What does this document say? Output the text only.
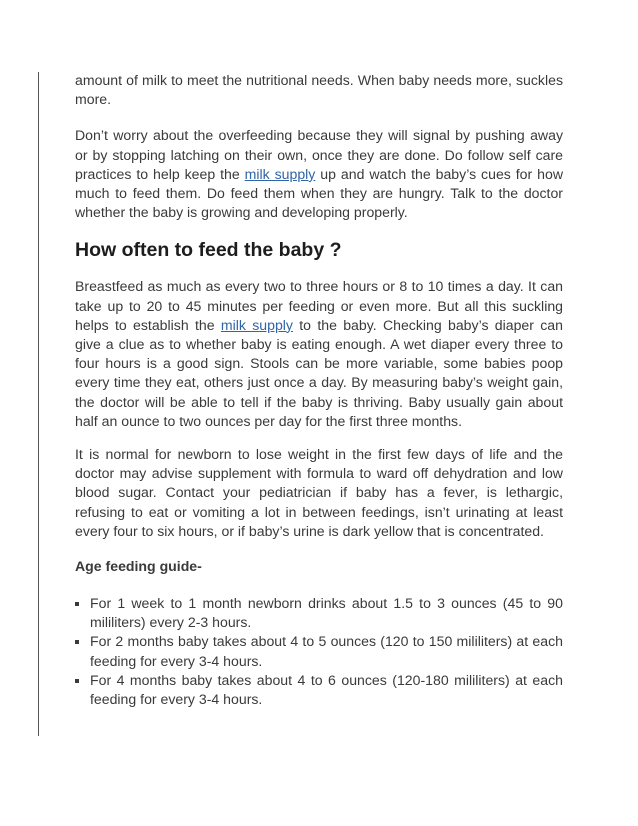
amount of milk to meet the nutritional needs. When baby needs more, suckles more.

Don’t worry about the overfeeding because they will signal by pushing away or by stopping latching on their own, once they are done. Do follow self care practices to help keep the milk supply up and watch the baby’s cues for how much to feed them. Do feed them when they are hungry. Talk to the doctor whether the baby is growing and developing properly.

How often to feed the baby ?

Breastfeed as much as every two to three hours or 8 to 10 times a day. It can take up to 20 to 45 minutes per feeding or even more. But all this suckling helps to establish the milk supply to the baby. Checking baby’s diaper can give a clue as to whether baby is eating enough. A wet diaper every three to four hours is a good sign. Stools can be more variable, some babies poop every time they eat, others just once a day. By measuring baby’s weight gain, the doctor will be able to tell if the baby is thriving. Baby usually gain about half an ounce to two ounces per day for the first three months.

It is normal for newborn to lose weight in the first few days of life and the doctor may advise supplement with formula to ward off dehydration and low blood sugar. Contact your pediatrician if baby has a fever, is lethargic, refusing to eat or vomiting a lot in between feedings, isn’t urinating at least every four to six hours, or if baby’s urine is dark yellow that is concentrated.

Age feeding guide-
For 1 week to 1 month newborn drinks about 1.5 to 3 ounces (45 to 90 mililiters) every 2-3 hours.
For 2 months baby takes about 4 to 5 ounces (120 to 150 mililiters) at each feeding for every 3-4 hours.
For 4 months baby takes about 4 to 6 ounces (120-180 mililiters) at each feeding for every 3-4 hours.
